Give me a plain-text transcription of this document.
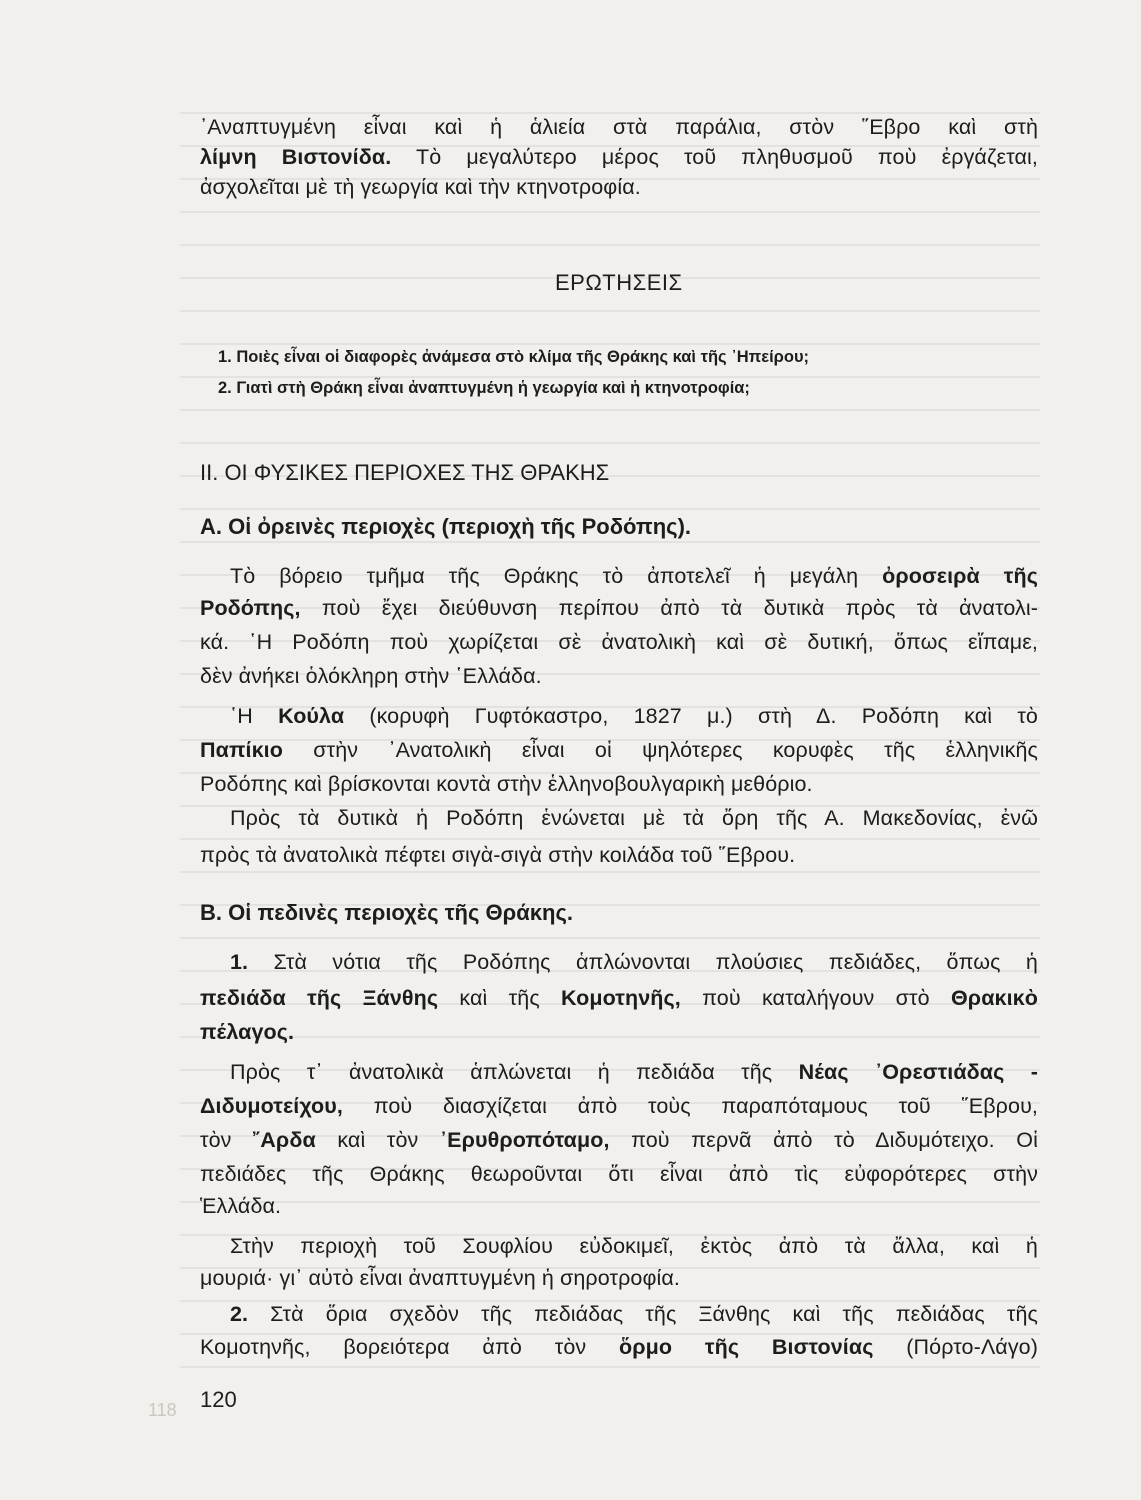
᾿Αναπτυγμένη εἶναι καὶ ἡ ἁλιεία στὰ παράλια, στὸν ῞Εβρο καὶ στὴ
λίμνη Βιστονίδα. Τὸ μεγαλύτερο μέρος τοῦ πληθυσμοῦ ποὺ ἐργάζεται,
ἀσχολεῖται μὲ τὴ γεωργία καὶ τὴν κτηνοτροφία.
ΕΡΩΤΗΣΕΙΣ
1. Ποιὲς εἶναι οἱ διαφορὲς ἀνάμεσα στὸ κλίμα τῆς Θράκης καὶ τῆς ᾿Ηπείρου;
2. Γιατὶ στὴ Θράκη εἶναι ἀναπτυγμένη ἡ γεωργία καὶ ἡ κτηνοτροφία;
ΙΙ. ΟΙ ΦΥΣΙΚΕΣ ΠΕΡΙΟΧΕΣ ΤΗΣ ΘΡΑΚΗΣ
Α. Οἱ ὀρεινὲς περιοχὲς (περιοχὴ τῆς Ροδόπης).
Τὸ βόρειο τμῆμα τῆς Θράκης τὸ ἀποτελεῖ ἡ μεγάλη ὀροσειρὰ τῆς
Ροδόπης, ποὺ ἔχει διεύθυνση περίπου ἀπὸ τὰ δυτικὰ πρὸς τὰ ἀνατολι-
κά. ῾Η Ροδόπη ποὺ χωρίζεται σὲ ἀνατολικὴ καὶ σὲ δυτική, ὅπως εἴπαμε,
δὲν ἀνήκει ὁλόκληρη στὴν ῾Ελλάδα.
῾Η Κούλα (κορυφὴ Γυφτόκαστρο, 1827 μ.) στὴ Δ. Ροδόπη καὶ τὸ
Παπίκιο στὴν ᾿Ανατολικὴ εἶναι οἱ ψηλότερες κορυφὲς τῆς ἑλληνικῆς
Ροδόπης καὶ βρίσκονται κοντὰ στὴν ἑλληνοβουλγαρικὴ μεθόριο.
Πρὸς τὰ δυτικὰ ἡ Ροδόπη ἑνώνεται μὲ τὰ ὄρη τῆς Α. Μακεδονίας, ἐνῶ
πρὸς τὰ ἀνατολικὰ πέφτει σιγὰ-σιγὰ στὴν κοιλάδα τοῦ ῞Εβρου.
Β. Οἱ πεδινὲς περιοχὲς τῆς Θράκης.
1. Στὰ νότια τῆς Ροδόπης ἁπλώνονται πλούσιες πεδιάδες, ὅπως ἡ
πεδιάδα τῆς Ξάνθης καὶ τῆς Κομοτηνῆς, ποὺ καταλήγουν στὸ Θρακικὸ
πέλαγος.
Πρὸς τ᾿ ἀνατολικὰ ἁπλώνεται ἡ πεδιάδα τῆς Νέας ᾿Ορεστιάδας -
Διδυμοτείχου, ποὺ διασχίζεται ἀπὸ τοὺς παραπόταμους τοῦ ῞Εβρου,
τὸν ῎Αρδα καὶ τὸν ᾿Ερυθροπόταμο, ποὺ περνᾶ ἀπὸ τὸ Διδυμότειχο. Οἱ
πεδιάδες τῆς Θράκης θεωροῦνται ὅτι εἶναι ἀπὸ τὶς εὐφορότερες στὴν
Ἑλλάδα.
Στὴν περιοχὴ τοῦ Σουφλίου εὐδοκιμεῖ, ἐκτὸς ἀπὸ τὰ ἄλλα, καὶ ἡ
μουριά· γι᾿ αὐτὸ εἶναι ἀναπτυγμένη ἡ σηροτροφία.
2. Στὰ ὅρια σχεδὸν τῆς πεδιάδας τῆς Ξάνθης καὶ τῆς πεδιάδας τῆς
Κομοτηνῆς, βορειότερα ἀπὸ τὸν ὅρμο τῆς Βιστονίας (Πόρτο-Λάγο)
118 120
